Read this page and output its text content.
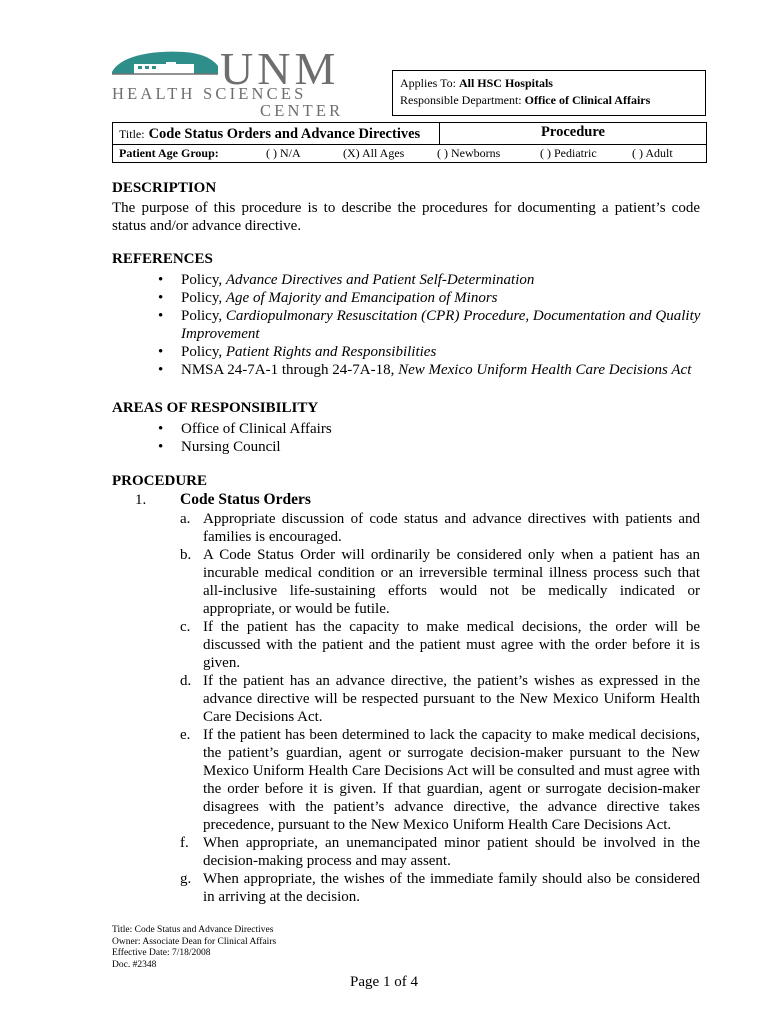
UNM
HEALTH SCIENCES
CENTER
Applies To: All HSC Hospitals
Responsible Department: Office of Clinical Affairs
Title: Code Status Orders and Advance Directives	Procedure
Patient Age Group:	( ) N/A	(X) All Ages	( ) Newborns	( ) Pediatric	( ) Adult
DESCRIPTION
The purpose of this procedure is to describe the procedures for documenting a patient’s code status and/or advance directive.
REFERENCES
• Policy, Advance Directives and Patient Self-Determination
• Policy, Age of Majority and Emancipation of Minors
• Policy, Cardiopulmonary Resuscitation (CPR) Procedure, Documentation and Quality Improvement
• Policy, Patient Rights and Responsibilities
• NMSA 24-7A-1 through 24-7A-18, New Mexico Uniform Health Care Decisions Act
AREAS OF RESPONSIBILITY
• Office of Clinical Affairs
• Nursing Council
PROCEDURE
1. Code Status Orders
a. Appropriate discussion of code status and advance directives with patients and families is encouraged.
b. A Code Status Order will ordinarily be considered only when a patient has an incurable medical condition or an irreversible terminal illness process such that all-inclusive life-sustaining efforts would not be medically indicated or appropriate, or would be futile.
c. If the patient has the capacity to make medical decisions, the order will be discussed with the patient and the patient must agree with the order before it is given.
d. If the patient has an advance directive, the patient’s wishes as expressed in the advance directive will be respected pursuant to the New Mexico Uniform Health Care Decisions Act.
e. If the patient has been determined to lack the capacity to make medical decisions, the patient’s guardian, agent or surrogate decision-maker pursuant to the New Mexico Uniform Health Care Decisions Act will be consulted and must agree with the order before it is given. If that guardian, agent or surrogate decision-maker disagrees with the patient’s advance directive, the advance directive takes precedence, pursuant to the New Mexico Uniform Health Care Decisions Act.
f. When appropriate, an unemancipated minor patient should be involved in the decision-making process and may assent.
g. When appropriate, the wishes of the immediate family should also be considered in arriving at the decision.
Title: Code Status and Advance Directives
Owner: Associate Dean for Clinical Affairs
Effective Date: 7/18/2008
Doc. #2348
Page 1 of 4
